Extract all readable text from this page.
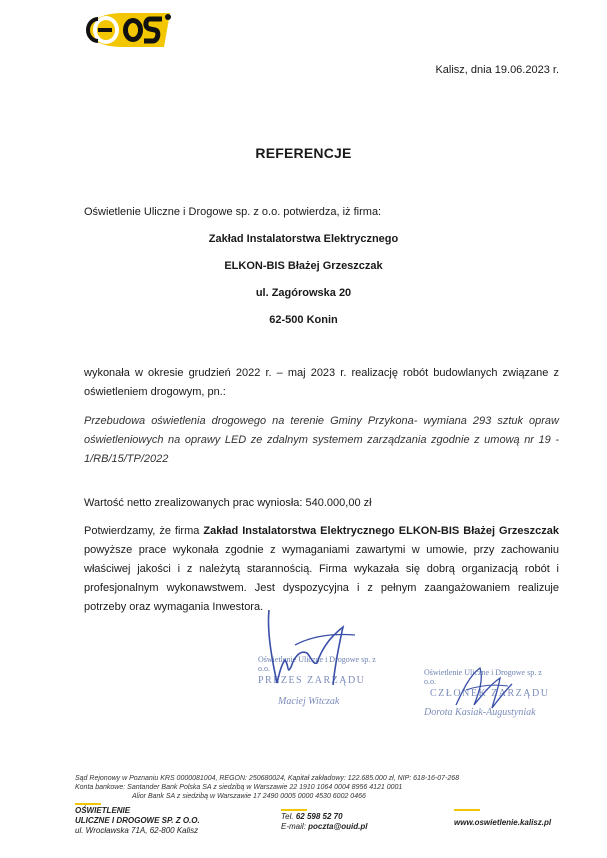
Kalisz, dnia 19.06.2023 r.
REFERENCJE
Oświetlenie Uliczne i Drogowe sp. z o.o. potwierdza, iż firma:
Zakład Instalatorstwa Elektrycznego
ELKON-BIS Błażej Grzeszczak
ul. Zagórowska 20
62-500 Konin
wykonała w okresie grudzień 2022 r. – maj 2023 r. realizację robót budowlanych związane z oświetleniem drogowym, pn.:
Przebudowa oświetlenia drogowego na terenie Gminy Przykona- wymiana 293 sztuk opraw oświetleniowych na oprawy LED ze zdalnym systemem zarządzania zgodnie z umową nr 19 - 1/RB/15/TP/2022
Wartość netto zrealizowanych prac wyniosła: 540.000,00 zł
Potwierdzamy, że firma Zakład Instalatorstwa Elektrycznego ELKON-BIS Błażej Grzeszczak powyższe prace wykonała zgodnie z wymaganiami zawartymi w umowie, przy zachowaniu właściwej jakości i z należytą starannością. Firma wykazała się dobrą organizacją robót i profesjonalnym wykonawstwem. Jest dyspozycyjna i z pełnym zaangażowaniem realizuje potrzeby oraz wymagania Inwestora.
Oświetlenie Uliczne i Drogowe sp. z o.o.
PREZES ZARZĄDU
Maciej Witczak
Oświetlenie Uliczne i Drogowe sp. z o.o.
CZŁONEK ZARZĄDU
Dorota Kasiak-Augustyniak
Sąd Rejonowy w Poznaniu KRS 0000081004, REGON: 250680024, Kapitał zakładowy: 122.685.000 zł, NIP: 618-16-07-268
Konta bankowe: Santander Bank Polska SA z siedzibą w Warszawie 22 1910 1064 0004 8956 4121 0001
Alior Bank SA z siedzibą w Warszawie 17 2490 0005 0000 4530 6002 0466
OŚWIETLENIE
ULICZNE I DROGOWE SP. Z O.O.
ul. Wrocławska 71A, 62-800 Kalisz
Tel. 62 598 52 70
E-mail: poczta@ouid.pl	www.oswietlenie.kalisz.pl
